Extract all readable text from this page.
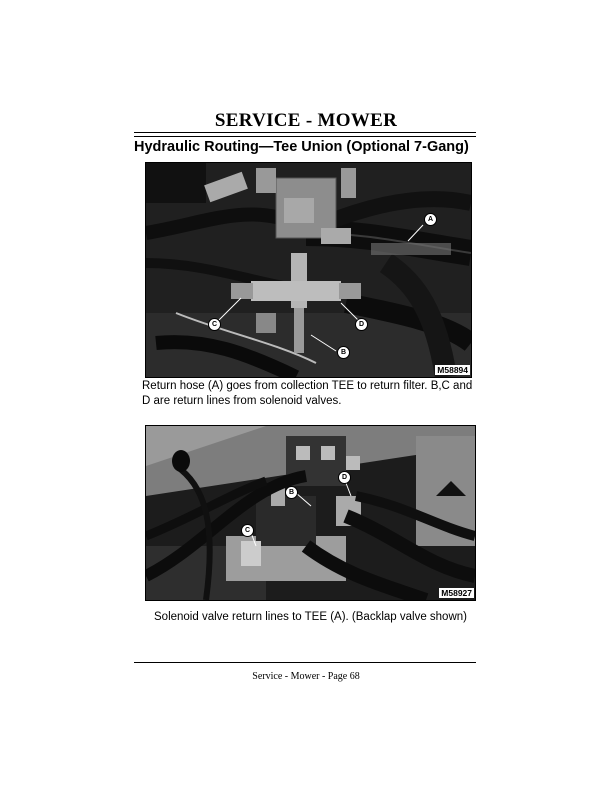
SERVICE - MOWER
Hydraulic Routing—Tee Union (Optional 7-Gang)
A
B
C	D
M58894
Return hose (A) goes from collection TEE to return filter. B,C and D are return lines from solenoid valves.
D
B
C
M58927
Solenoid valve return lines to TEE (A). (Backlap valve shown)
Service - Mower - Page 68
